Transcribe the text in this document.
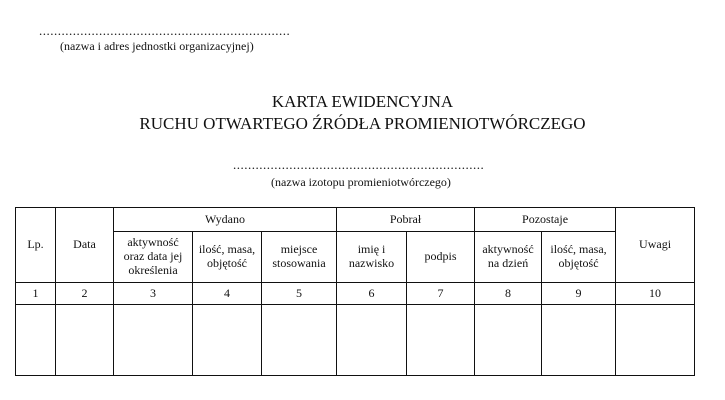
...................................................................
(nazwa i adres jednostki organizacyjnej)
KARTA EWIDENCYJNA
RUCHU OTWARTEGO ŹRÓDŁA PROMIENIOTWÓRCZEGO
...................................................................
(nazwa izotopu promieniotwórczego)
Lp.	Data	Wydano			Pobrał		Pozostaje		Uwagi
		aktywność oraz data jej określenia	ilość, masa, objętość	miejsce stosowania	imię i nazwisko	podpis	aktywność na dzień	ilość, masa, objętość	
1	2	3	4	5	6	7	8	9	10
